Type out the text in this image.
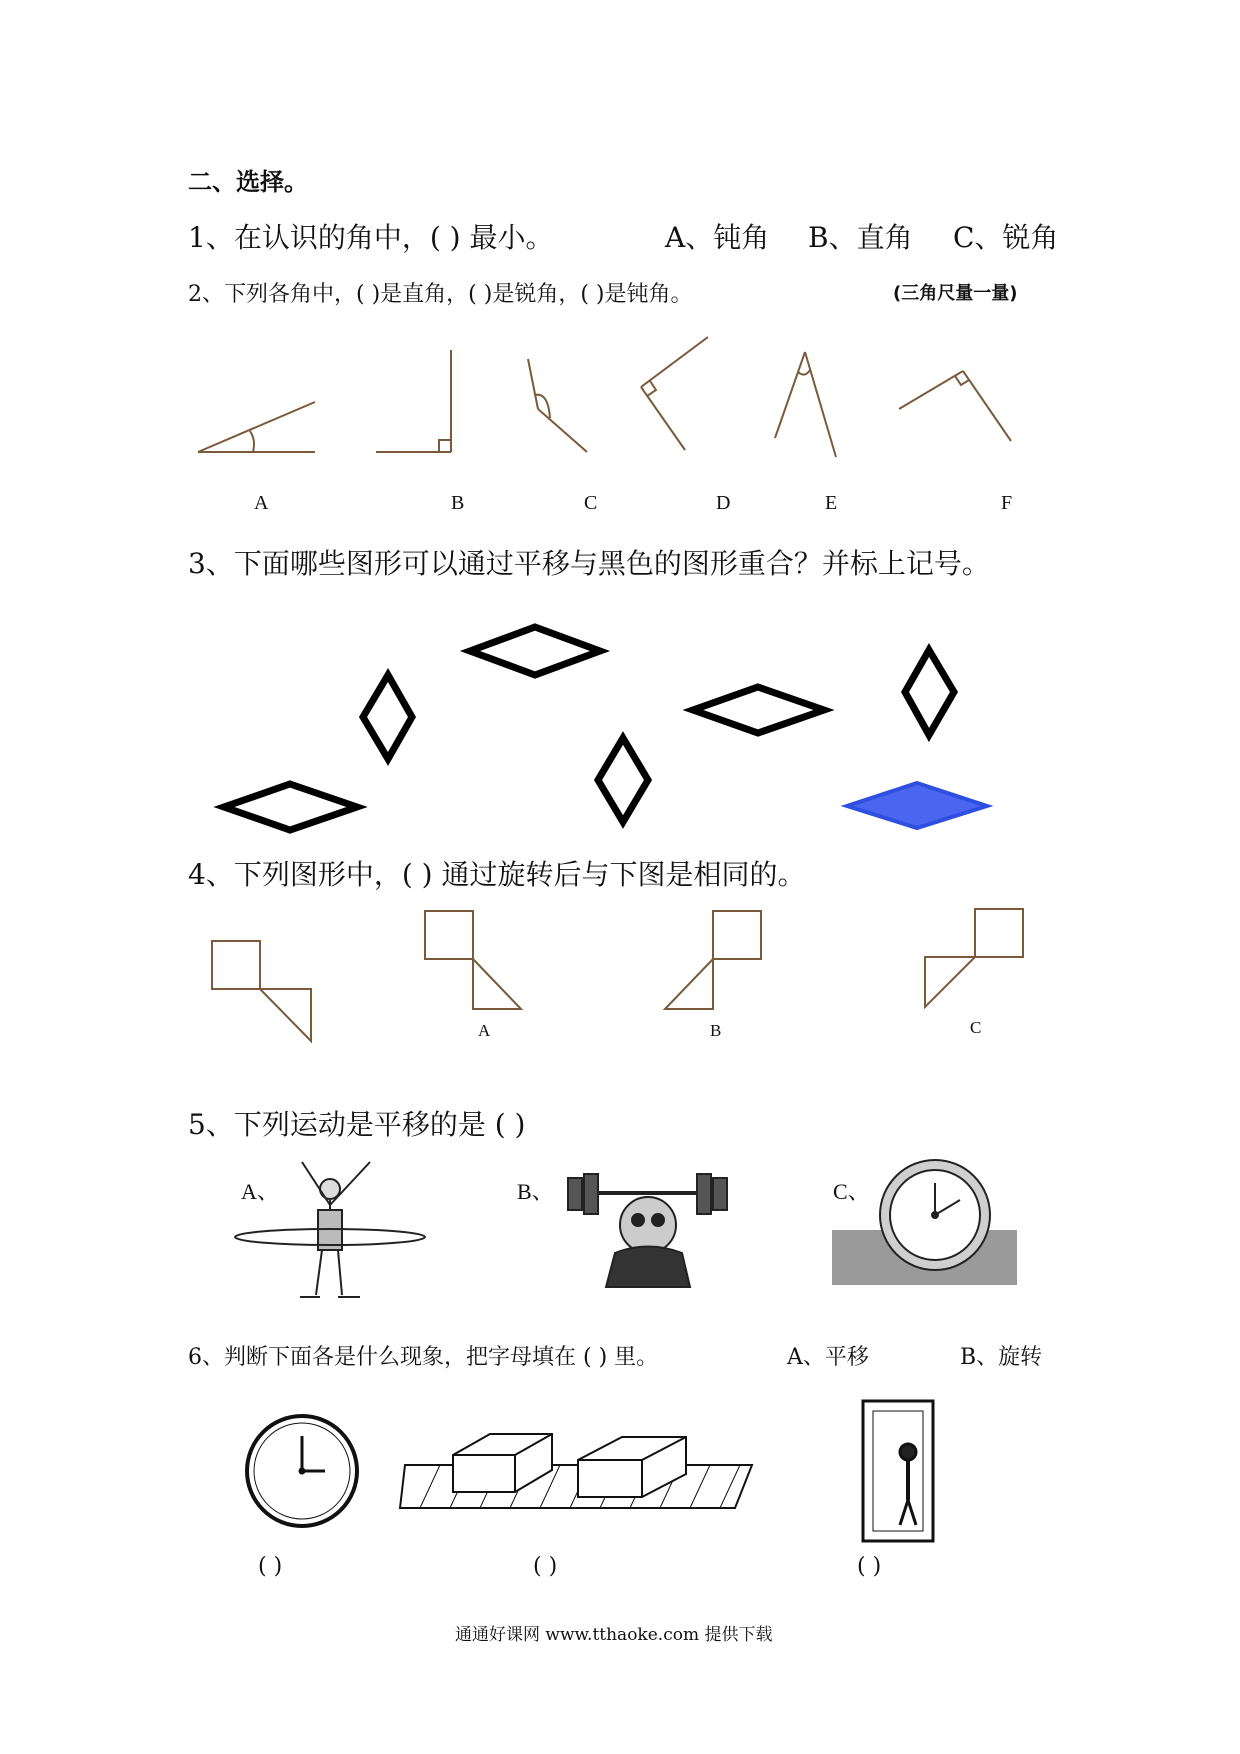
二、选择。
1、在认识的角中，( ) 最小。	A、钝角 B、直角 C、锐角
2、下列各角中，( )是直角，( )是锐角，( )是钝角。	(三角尺量一量)
A	B	C	D	E	F
3、下面哪些图形可以通过平移与黑色的图形重合？并标上记号。
4、下列图形中，( ) 通过旋转后与下图是相同的。
A	B	C
5、下列运动是平移的是 ( )
A、	B、	C、
6、判断下面各是什么现象，把字母填在 ( ) 里。	A、平移	B、旋转
( )	( )	( )
通通好课网 www.tthaoke.com 提供下载
